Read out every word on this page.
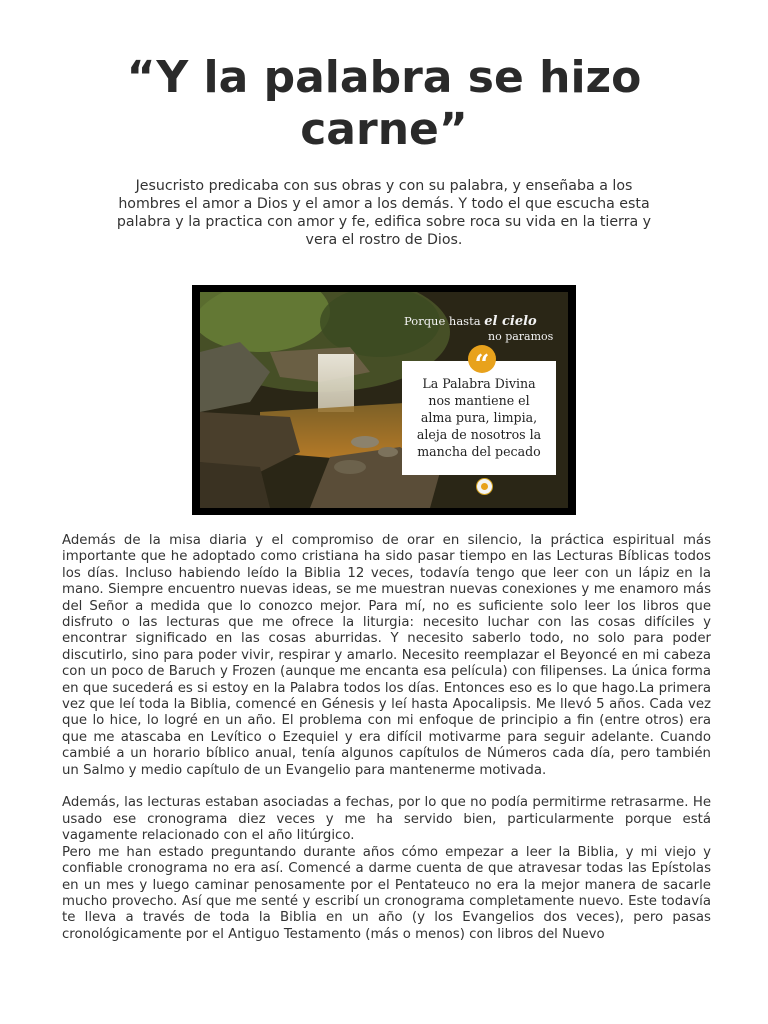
“Y la palabra se hizo carne”

Jesucristo predicaba con sus obras y con su palabra, y enseñaba a los hombres el amor a Dios y el amor a los demás. Y todo el que escucha esta palabra y la practica con amor y fe, edifica sobre roca su vida en la tierra y vera el rostro de Dios.

Porque hasta el cielo
no paramos
La Palabra Divina
nos mantiene el
alma pura, limpia,
aleja de nosotros la
mancha del pecado
“

Además de la misa diaria y el compromiso de orar en silencio, la práctica espiritual más importante que he adoptado como cristiana ha sido pasar tiempo en las Lecturas Bíblicas todos los días. Incluso habiendo leído la Biblia 12 veces, todavía tengo que leer con un lápiz en la mano. Siempre encuentro nuevas ideas, se me muestran nuevas conexiones y me enamoro más del Señor a medida que lo conozco mejor. Para mí, no es suficiente solo leer los libros que disfruto o las lecturas que me ofrece la liturgia: necesito luchar con las cosas difíciles y encontrar significado en las cosas aburridas. Y necesito saberlo todo, no solo para poder discutirlo, sino para poder vivir, respirar y amarlo. Necesito reemplazar el Beyoncé en mi cabeza con un poco de Baruch y Frozen (aunque me encanta esa película) con filipenses. La única forma en que sucederá es si estoy en la Palabra todos los días. Entonces eso es lo que hago.La primera vez que leí toda la Biblia, comencé en Génesis y leí hasta Apocalipsis. Me llevó 5 años. Cada vez que lo hice, lo logré en un año. El problema con mi enfoque de principio a fin (entre otros) era que me atascaba en Levítico o Ezequiel y era difícil motivarme para seguir adelante. Cuando cambié a un horario bíblico anual, tenía algunos capítulos de Números cada día, pero también un Salmo y medio capítulo de un Evangelio para mantenerme motivada.

Además, las lecturas estaban asociadas a fechas, por lo que no podía permitirme retrasarme. He usado ese cronograma diez veces y me ha servido bien, particularmente porque está vagamente relacionado con el año litúrgico.

Pero me han estado preguntando durante años cómo empezar a leer la Biblia, y mi viejo y confiable cronograma no era así. Comencé a darme cuenta de que atravesar todas las Epístolas en un mes y luego caminar penosamente por el Pentateuco no era la mejor manera de sacarle mucho provecho. Así que me senté y escribí un cronograma completamente nuevo. Este todavía te lleva a través de toda la Biblia en un año (y los Evangelios dos veces), pero pasas cronológicamente por el Antiguo Testamento (más o menos) con libros del Nuevo
